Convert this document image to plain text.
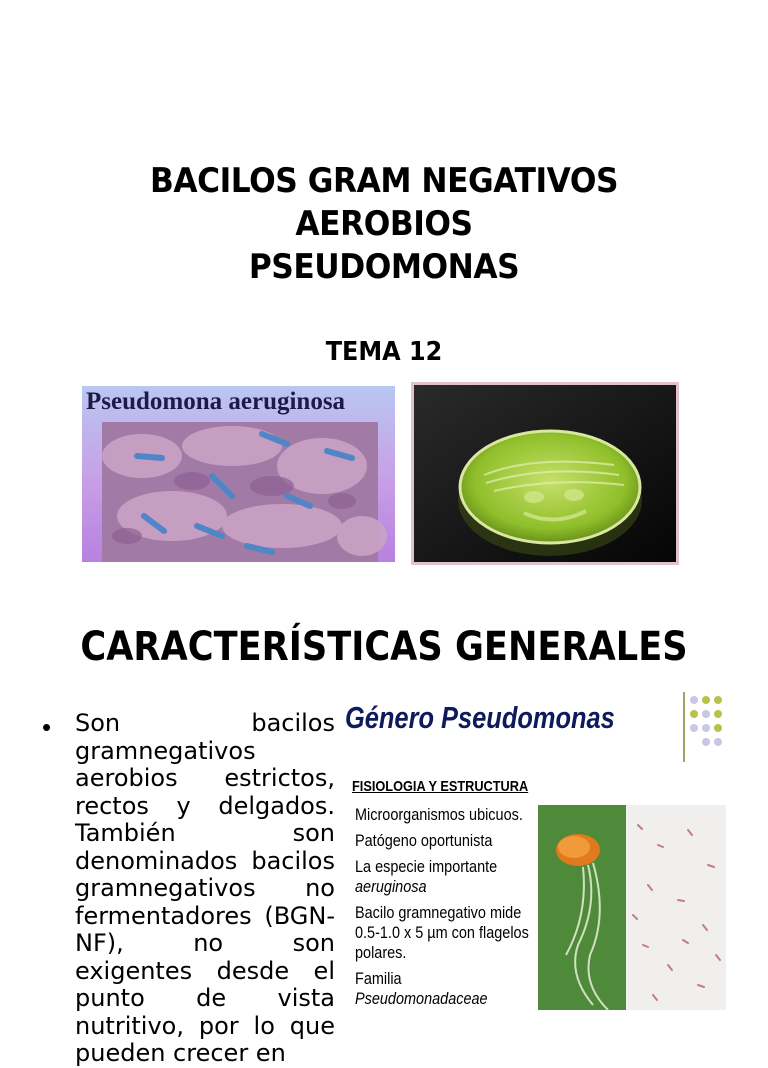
BACILOS GRAM NEGATIVOS
AEROBIOS
PSEUDOMONAS
TEMA 12
Pseudomona aeruginosa
CARACTERÍSTICAS GENERALES
• Son bacilos gramnegativos aerobios estrictos, rectos y delgados. También son denominados bacilos gramnegativos no fermentadores (BGN-NF), no son exigentes desde el punto de vista nutritivo, por lo que pueden crecer en
Género Pseudomonas
FISIOLOGIA Y ESTRUCTURA
Microorganismos ubicuos.
Patógeno oportunista
La especie importante
aeruginosa
Bacilo gramnegativo mide
0.5-1.0 x 5 µm con flagelos
polares.
Familia
Pseudomonadaceae
